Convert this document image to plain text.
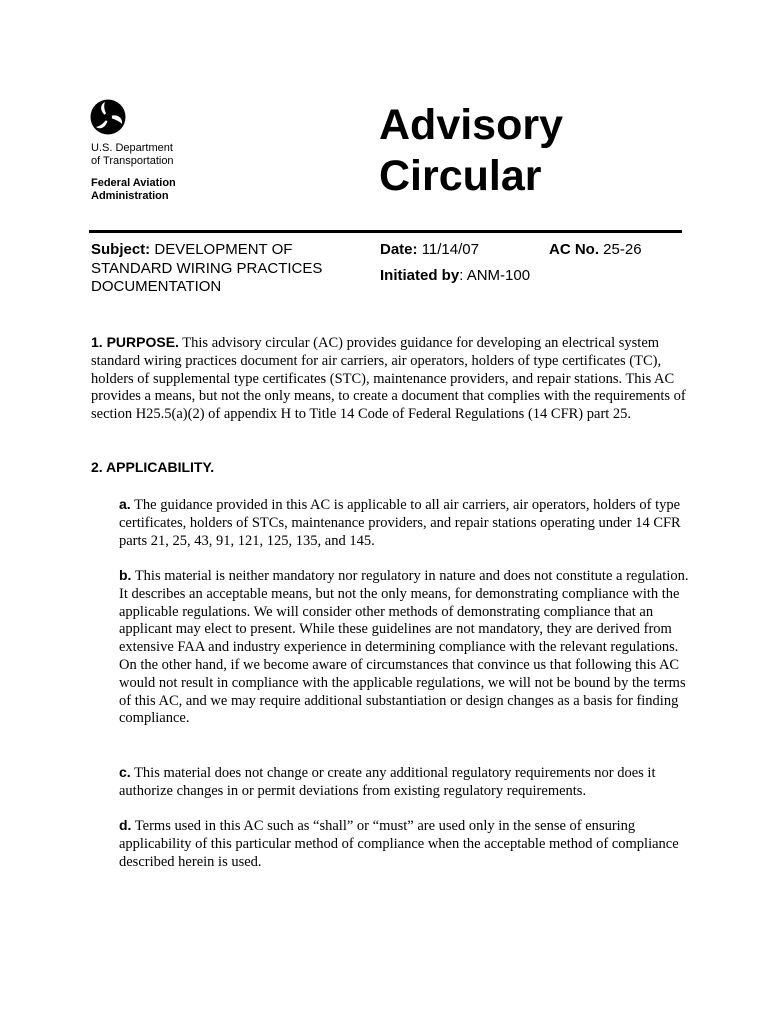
U.S. Department
of Transportation
Federal Aviation
Administration
Advisory
Circular
Subject: DEVELOPMENT OF STANDARD WIRING PRACTICES DOCUMENTATION
Date: 11/14/07	AC No. 25-26
Initiated by: ANM-100

1. PURPOSE. This advisory circular (AC) provides guidance for developing an electrical system standard wiring practices document for air carriers, air operators, holders of type certificates (TC), holders of supplemental type certificates (STC), maintenance providers, and repair stations. This AC provides a means, but not the only means, to create a document that complies with the requirements of section H25.5(a)(2) of appendix H to Title 14 Code of Federal Regulations (14 CFR) part 25.

2. APPLICABILITY.

a. The guidance provided in this AC is applicable to all air carriers, air operators, holders of type certificates, holders of STCs, maintenance providers, and repair stations operating under 14 CFR parts 21, 25, 43, 91, 121, 125, 135, and 145.

b. This material is neither mandatory nor regulatory in nature and does not constitute a regulation. It describes an acceptable means, but not the only means, for demonstrating compliance with the applicable regulations. We will consider other methods of demonstrating compliance that an applicant may elect to present. While these guidelines are not mandatory, they are derived from extensive FAA and industry experience in determining compliance with the relevant regulations. On the other hand, if we become aware of circumstances that convince us that following this AC would not result in compliance with the applicable regulations, we will not be bound by the terms of this AC, and we may require additional substantiation or design changes as a basis for finding compliance.

c. This material does not change or create any additional regulatory requirements nor does it authorize changes in or permit deviations from existing regulatory requirements.

d. Terms used in this AC such as “shall” or “must” are used only in the sense of ensuring applicability of this particular method of compliance when the acceptable method of compliance described herein is used.
